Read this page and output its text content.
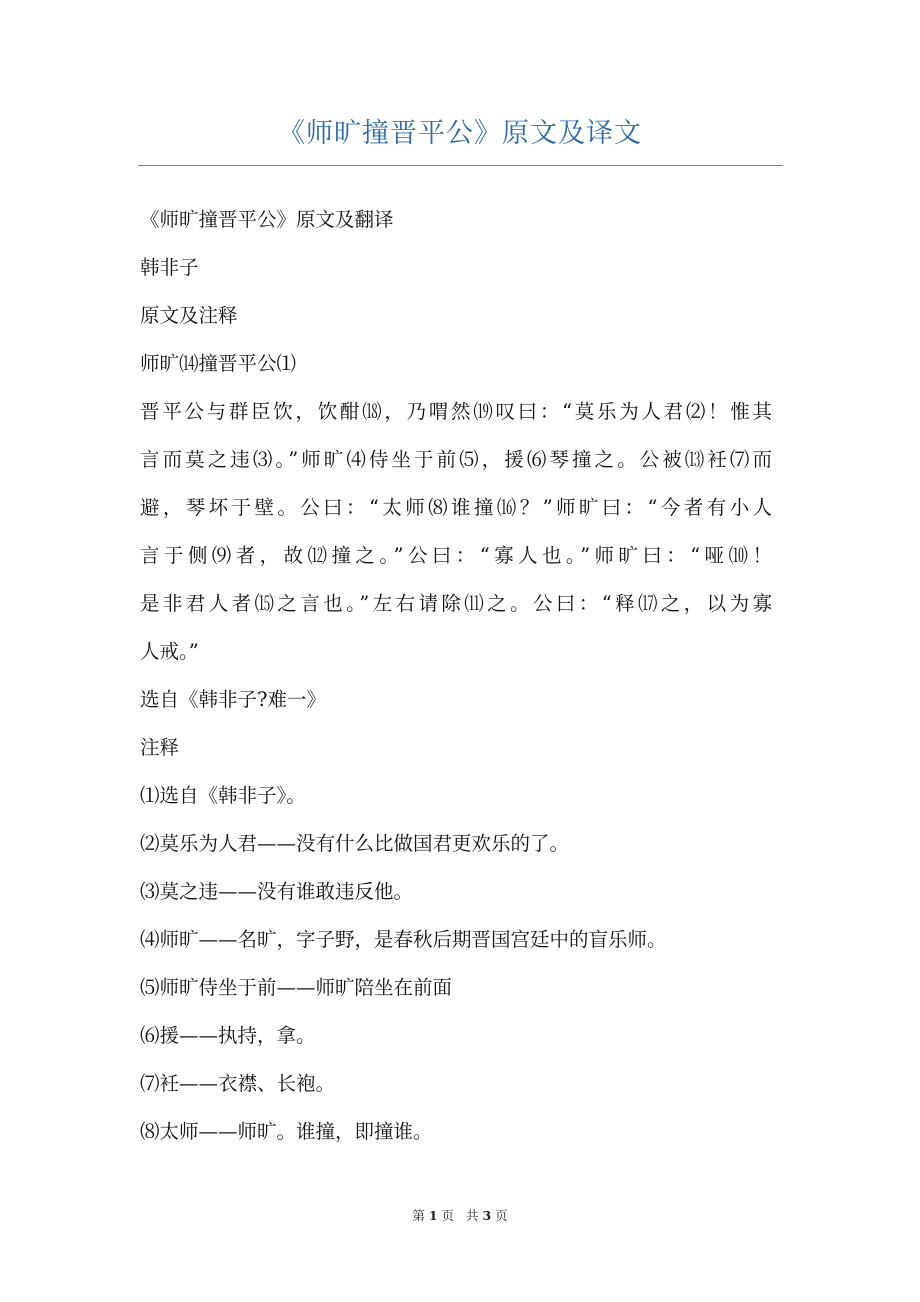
《师旷撞晋平公》原文及译文
《师旷撞晋平公》原文及翻译
韩非子
原文及注释
师旷⒁撞晋平公⑴
晋平公与群臣饮，饮酣⒅，乃喟然⒆叹曰：“莫乐为人君⑵！惟其
言而莫之违⑶。”师旷⑷侍坐于前⑸，援⑹琴撞之。公被⒀衽⑺而
避，琴坏于壁。公曰：“太师⑻谁撞⒃？”师旷曰：“今者有小人
言于侧⑼者，故⑿撞之。”公曰：“寡人也。”师旷曰：“哑⑽！
是非君人者⒂之言也。”左右请除⑾之。公曰：“释⒄之，以为寡
人戒。”
选自《韩非子?难一》
注释
⑴选自《韩非子》。
⑵莫乐为人君——没有什么比做国君更欢乐的了。
⑶莫之违——没有谁敢违反他。
⑷师旷——名旷，字子野，是春秋后期晋国宫廷中的盲乐师。
⑸师旷侍坐于前——师旷陪坐在前面
⑹援——执持，拿。
⑺衽——衣襟、长袍。
⑻太师——师旷。谁撞，即撞谁。
第 1 页   共 3 页
